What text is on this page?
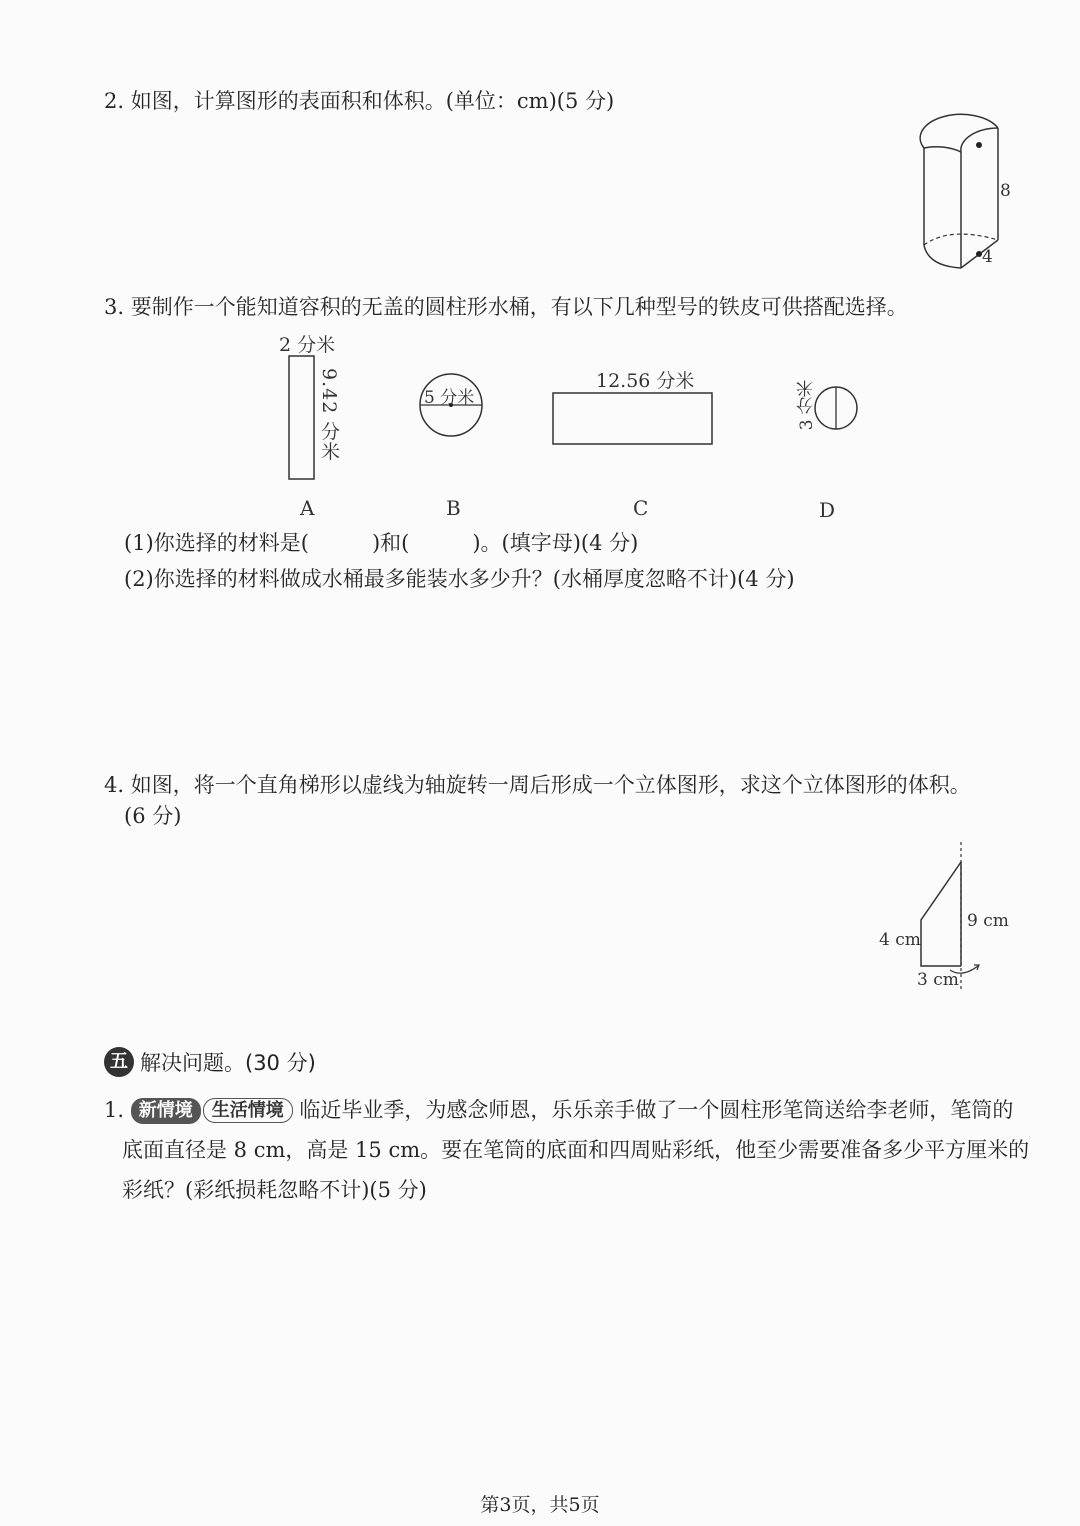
2. 如图，计算图形的表面积和体积。(单位：cm)(5 分)
8
4
3. 要制作一个能知道容积的无盖的圆柱形水桶，有以下几种型号的铁皮可供搭配选择。
2 分米
9.42 分米	5 分米
12.56 分米	3 分米
A	B	C	D
(1)你选择的材料是(　　　)和(　　　)。(填字母)(4 分)
(2)你选择的材料做成水桶最多能装水多少升？(水桶厚度忽略不计)(4 分)
4. 如图，将一个直角梯形以虚线为轴旋转一周后形成一个立体图形，求这个立体图形的体积。
(6 分)
4 cm
9 cm
3 cm
五 解决问题。(30 分)
1. 新情境 生活情境 临近毕业季，为感念师恩，乐乐亲手做了一个圆柱形笔筒送给李老师，笔筒的
底面直径是 8 cm，高是 15 cm。要在笔筒的底面和四周贴彩纸，他至少需要准备多少平方厘米的
彩纸？(彩纸损耗忽略不计)(5 分)
第3页，共5页
